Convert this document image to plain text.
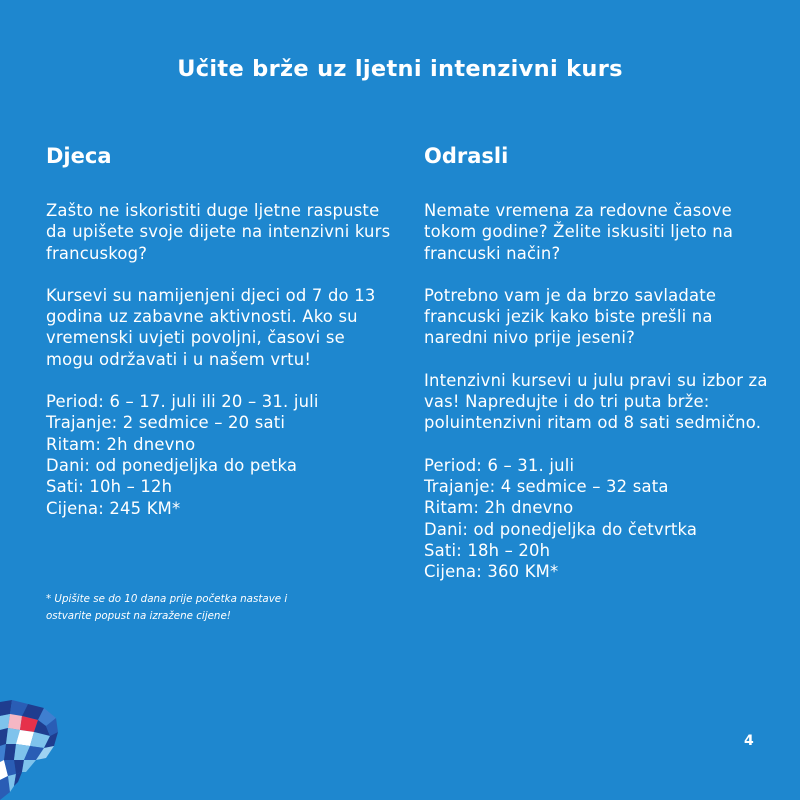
Učite brže uz ljetni intenzivni kurs
Djeca

Zašto ne iskoristiti duge ljetne raspuste da upišete svoje dijete na intenzivni kurs francuskog?

Kursevi su namijenjeni djeci od 7 do 13 godina uz zabavne aktivnosti. Ako su vremenski uvjeti povoljni, časovi se mogu održavati i u našem vrtu!

Period: 6 – 17. juli ili 20 – 31. juli
Trajanje: 2 sedmice – 20 sati
Ritam: 2h dnevno
Dani: od ponedjeljka do petka
Sati: 10h – 12h
Cijena: 245 KM*
* Upišite se do 10 dana prije početka nastave i ostvarite popust na izražene cijene!
Odrasli

Nemate vremena za redovne časove tokom godine? Želite iskusiti ljeto na francuski način?

Potrebno vam je da brzo savladate francuski jezik kako biste prešli na naredni nivo prije jeseni?

Intenzivni kursevi u julu pravi su izbor za vas! Napredujte i do tri puta brže: poluintenzivni ritam od 8 sati sedmično.

Period: 6 – 31. juli
Trajanje: 4 sedmice – 32 sata
Ritam: 2h dnevno
Dani: od ponedjeljka do četvrtka
Sati: 18h – 20h
Cijena: 360 KM*
4
